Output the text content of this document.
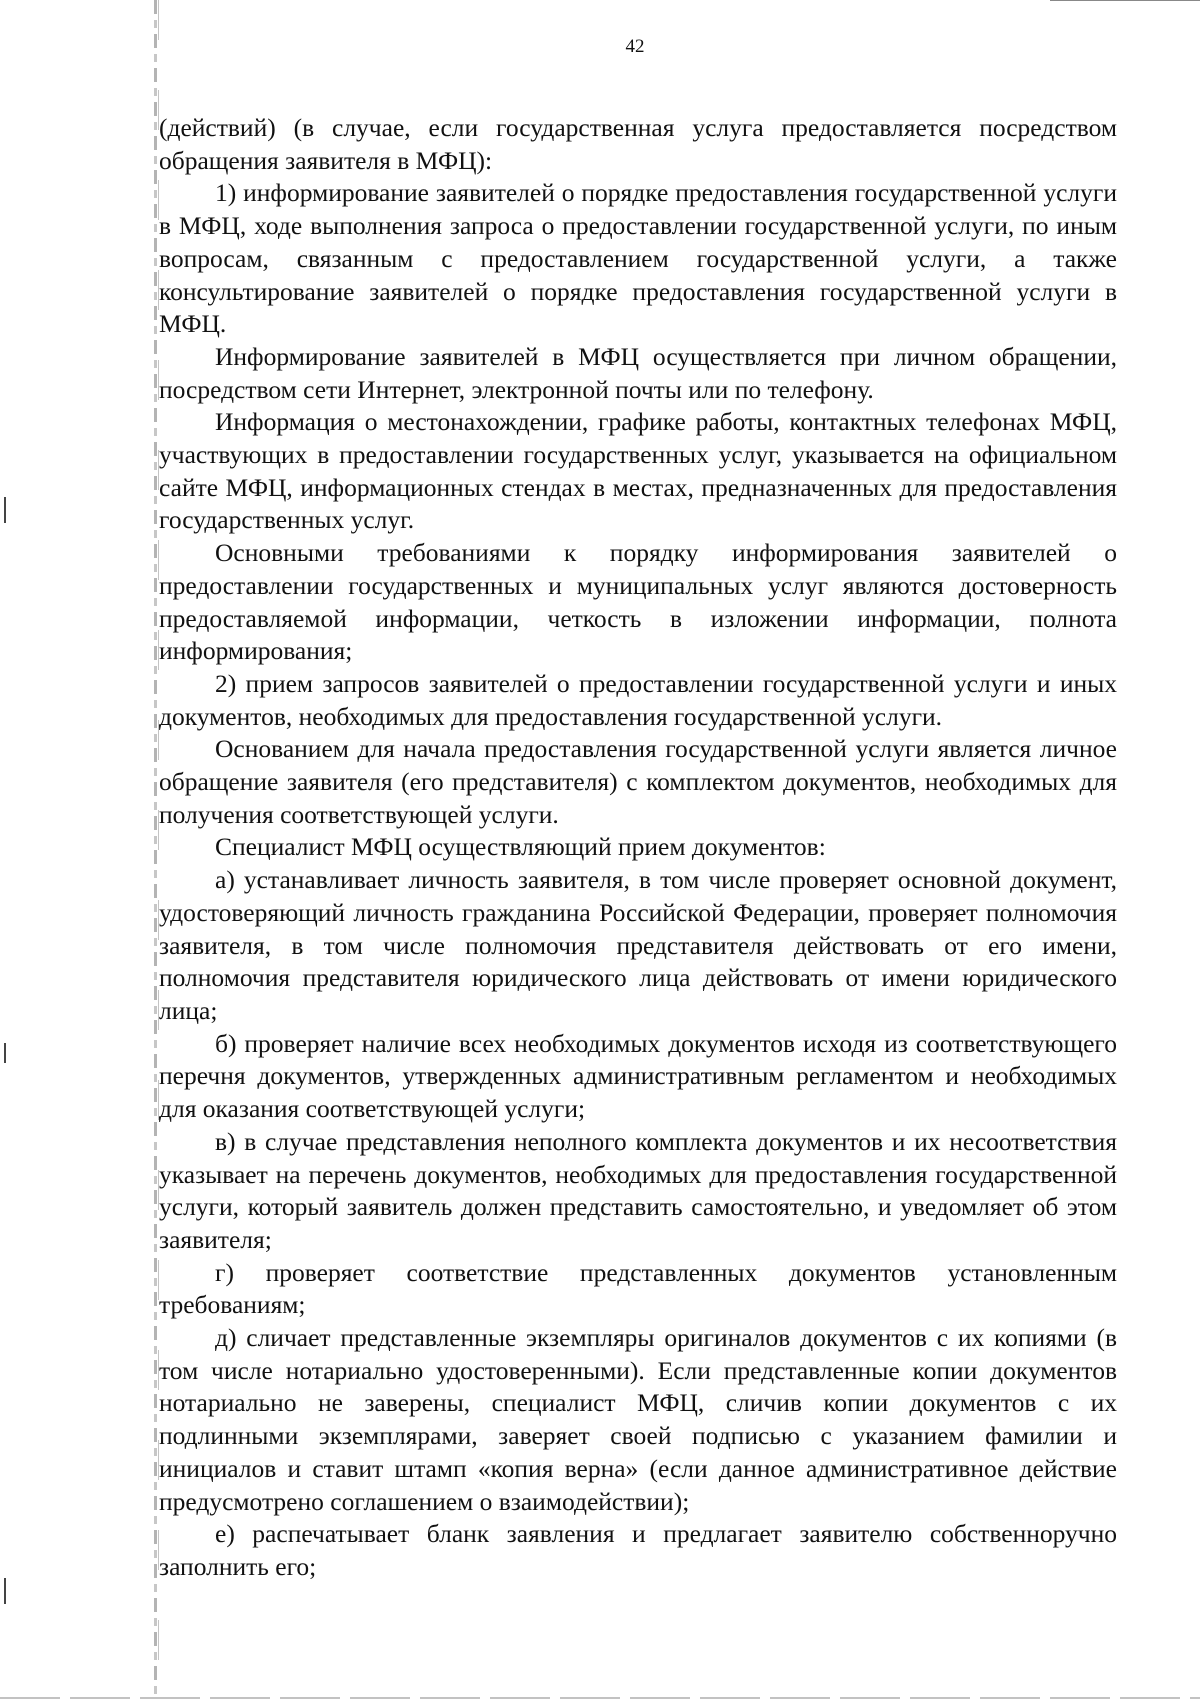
42

(действий) (в случае, если государственная услуга предоставляется посредством обращения заявителя в МФЦ):

1) информирование заявителей о порядке предоставления государственной услуги в МФЦ, ходе выполнения запроса о предоставлении государственной услуги, по иным вопросам, связанным с предоставлением государственной услуги, а также консультирование заявителей о порядке предоставления государственной услуги в МФЦ.

Информирование заявителей в МФЦ осуществляется при личном обращении, посредством сети Интернет, электронной почты или по телефону.

Информация о местонахождении, графике работы, контактных телефонах МФЦ, участвующих в предоставлении государственных услуг, указывается на официальном сайте МФЦ, информационных стендах в местах, предназначенных для предоставления государственных услуг.

Основными требованиями к порядку информирования заявителей о предоставлении государственных и муниципальных услуг являются достоверность предоставляемой информации, четкость в изложении информации, полнота информирования;

2) прием запросов заявителей о предоставлении государственной услуги и иных документов, необходимых для предоставления государственной услуги.

Основанием для начала предоставления государственной услуги является личное обращение заявителя (его представителя) с комплектом документов, необходимых для получения соответствующей услуги.

Специалист МФЦ осуществляющий прием документов:

а) устанавливает личность заявителя, в том числе проверяет основной документ, удостоверяющий личность гражданина Российской Федерации, проверяет полномочия заявителя, в том числе полномочия представителя действовать от его имени, полномочия представителя юридического лица действовать от имени юридического лица;

б) проверяет наличие всех необходимых документов исходя из соответствующего перечня документов, утвержденных административным регламентом и необходимых для оказания соответствующей услуги;

в) в случае представления неполного комплекта документов и их несоответствия указывает на перечень документов, необходимых для предоставления государственной услуги, который заявитель должен представить самостоятельно, и уведомляет об этом заявителя;

г) проверяет соответствие представленных документов установленным требованиям;

д) сличает представленные экземпляры оригиналов документов с их копиями (в том числе нотариально удостоверенными). Если представленные копии документов нотариально не заверены, специалист МФЦ, сличив копии документов с их подлинными экземплярами, заверяет своей подписью с указанием фамилии и инициалов и ставит штамп «копия верна» (если данное административное действие предусмотрено соглашением о взаимодействии);

е) распечатывает бланк заявления и предлагает заявителю собственноручно заполнить его;
